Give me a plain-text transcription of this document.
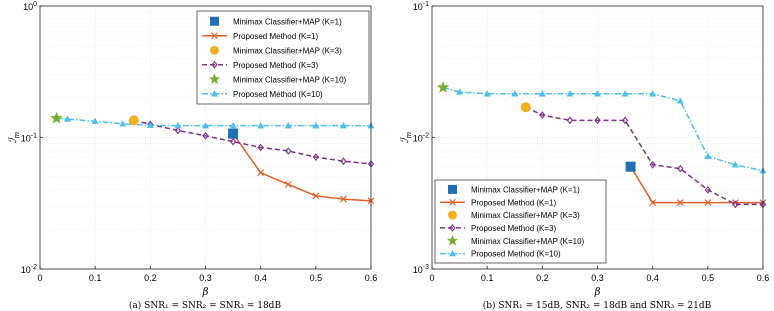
0	0.1	0.2	0.3	0.4	0.5	0.6
$10^{-2}$
$10^{-1}$
$10^0$
β
ℐ$_m$
Minimax Classifier+MAP (K=1)
Proposed Method (K=1)
Minimax Classifier+MAP (K=3)
Proposed Method (K=3)
Minimax Classifier+MAP (K=10)
Proposed Method (K=10)
(a) SNR₁ = SNR₂ = SNR₃ = 18dB
0	0.1	0.2	0.3	0.4	0.5	0.6
$10^{-3}$
$10^{-2}$
$10^{-1}$
β
ℐ$_m$
Minimax Classifier+MAP (K=1)
Proposed Method (K=1)
Minimax Classifier+MAP (K=3)
Proposed Method (K=3)
Minimax Classifier+MAP (K=10)
Proposed Method (K=10)
(b) SNR₁ = 15dB, SNR₂ = 18dB and SNR₃ = 21dB
